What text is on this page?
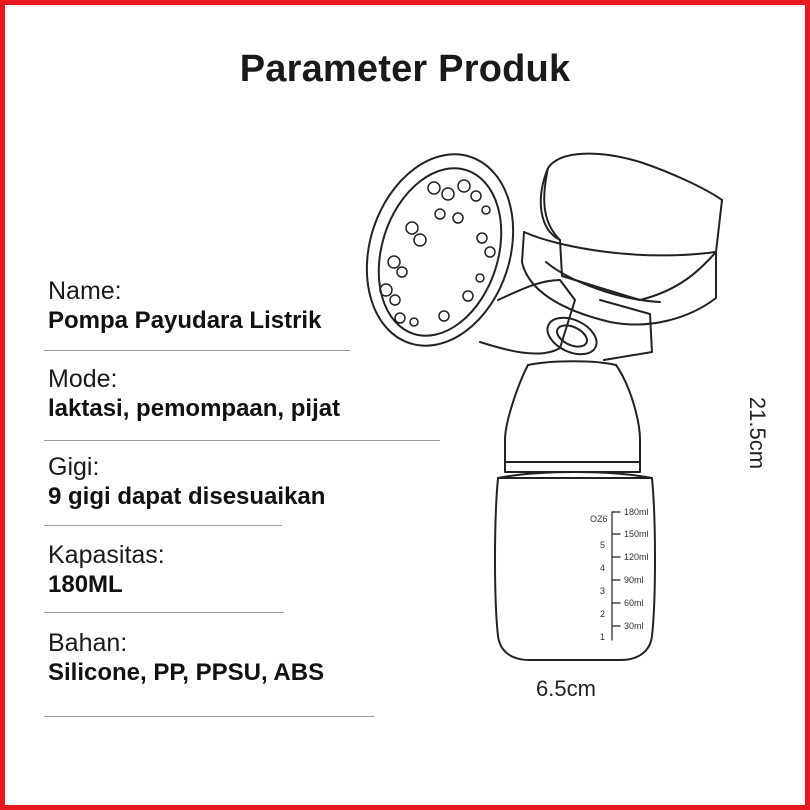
Parameter Produk
Name:
Pompa Payudara Listrik
Mode:
laktasi, pemompaan, pijat
Gigi:
9 gigi dapat disesuaikan
Kapasitas:
180ML
Bahan:
Silicone, PP, PPSU, ABS
OZ6
5
4
3
2
1
180ml
150ml
120ml
90ml
60ml
30ml
21.5cm
6.5cm
